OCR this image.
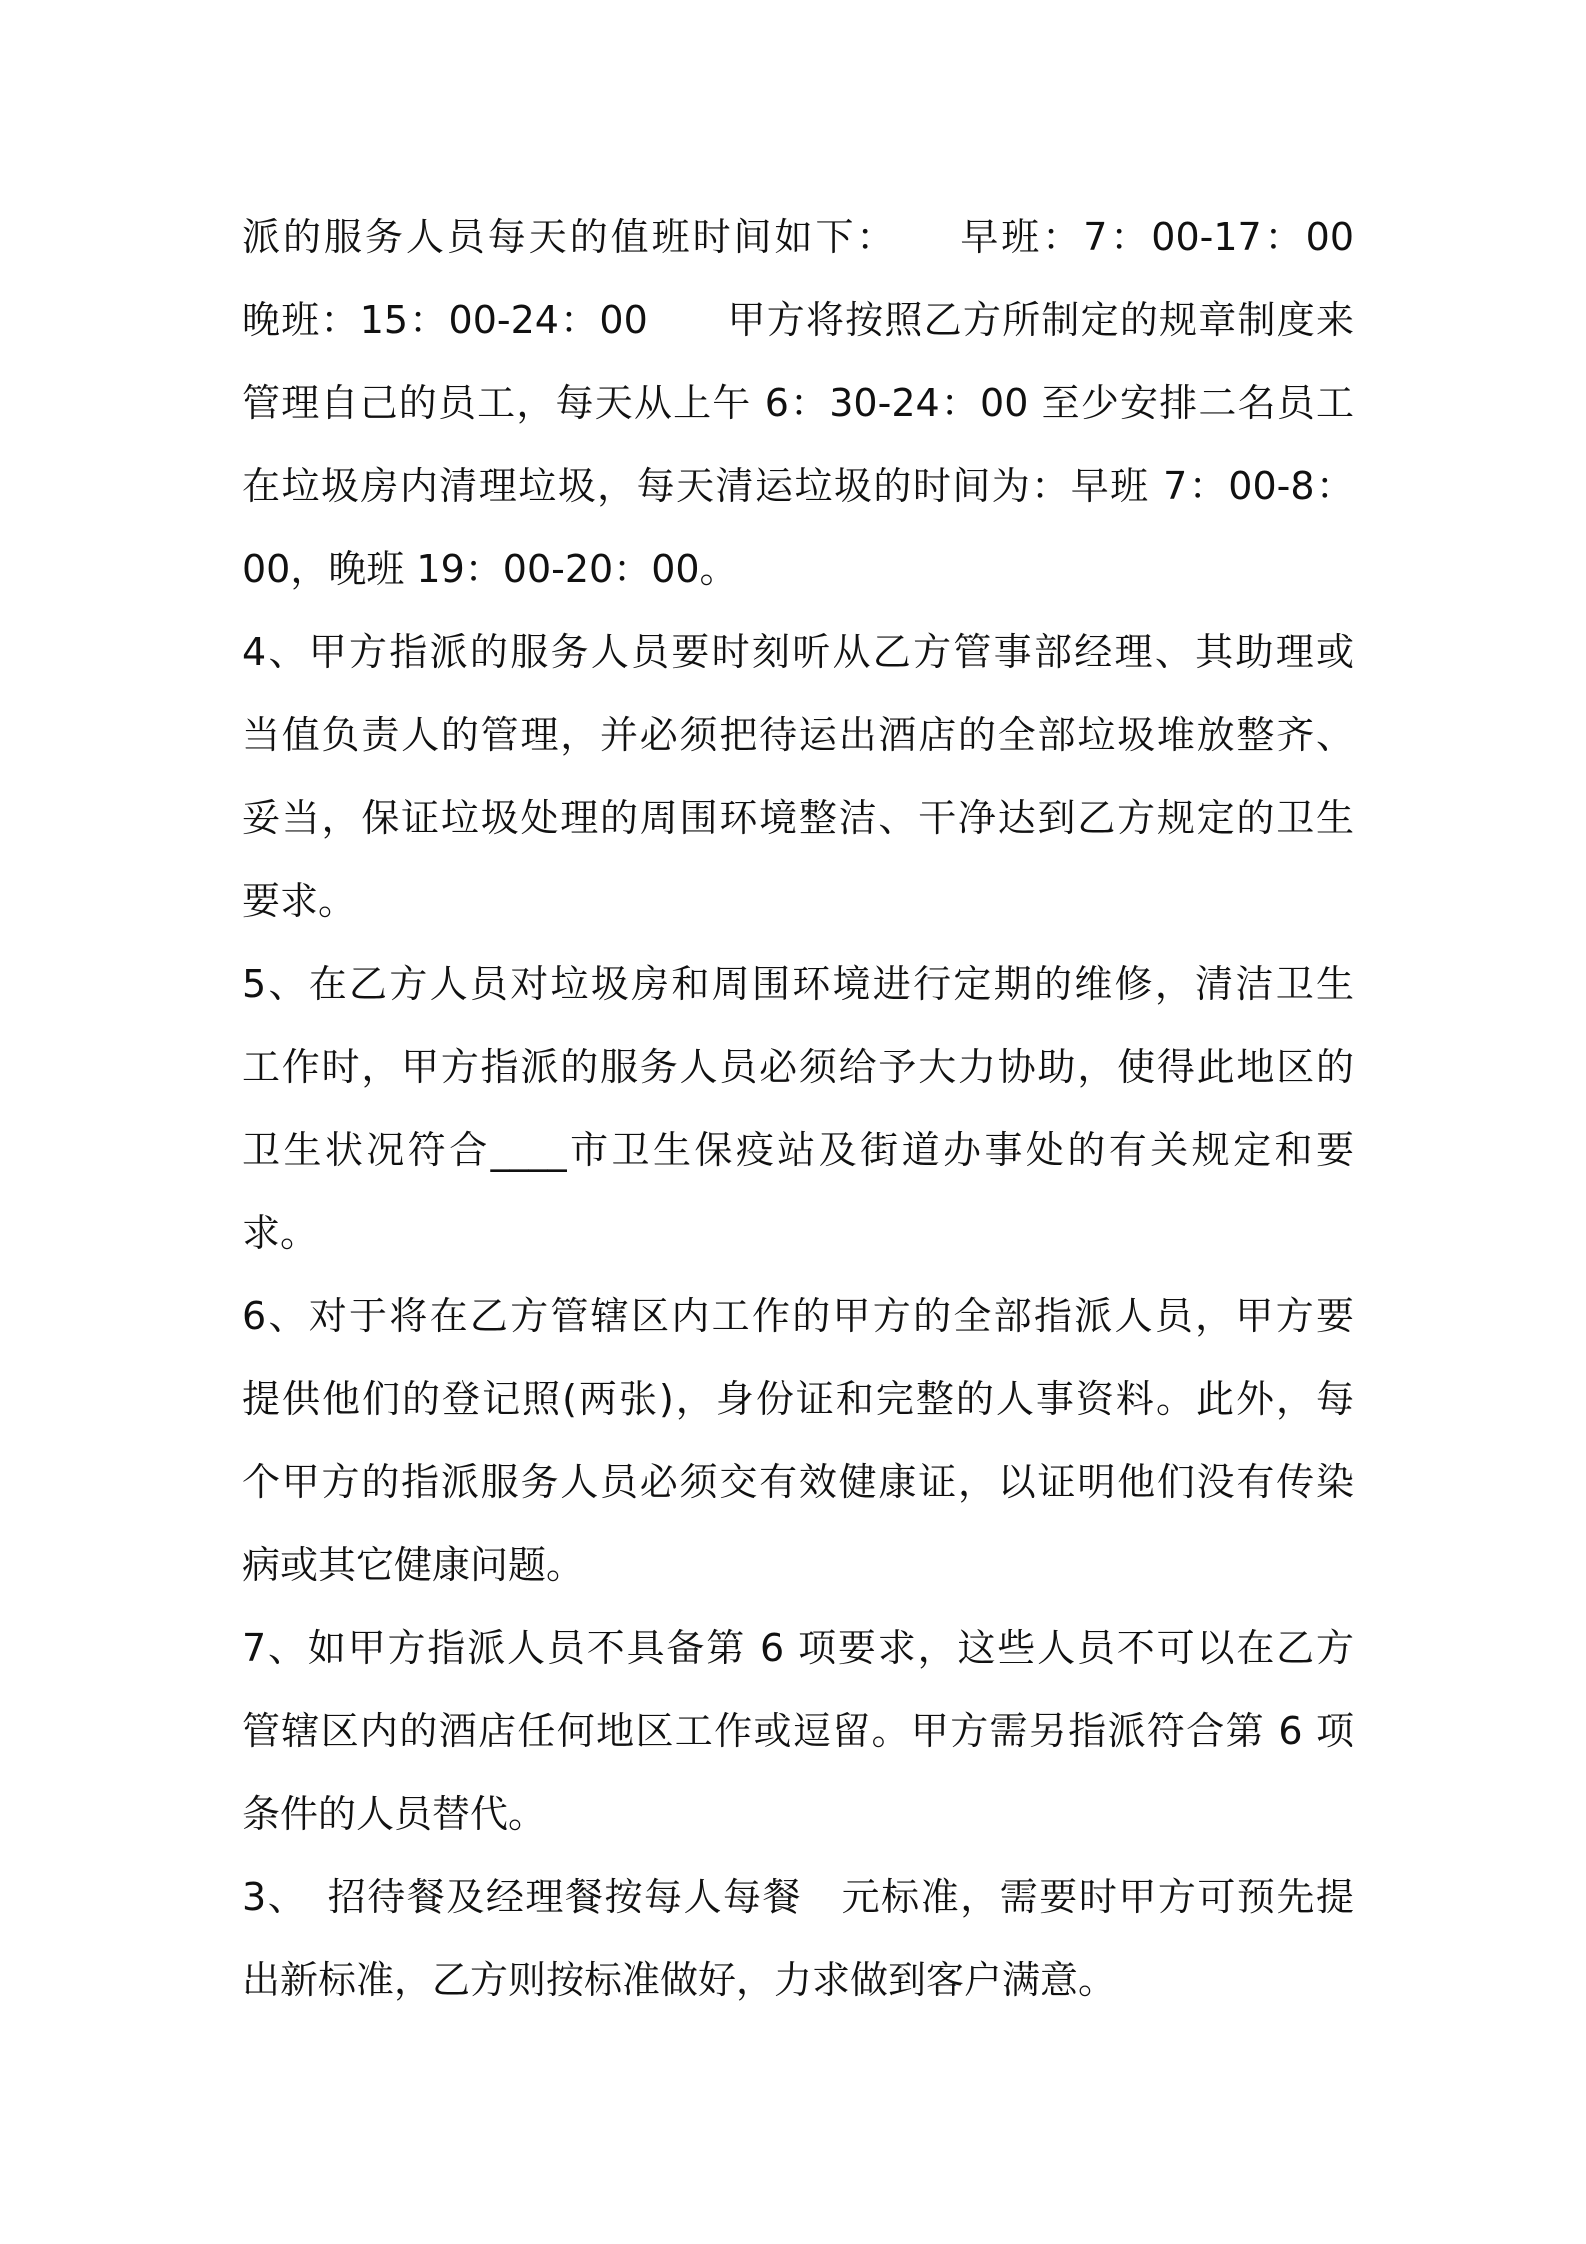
派的服务人员每天的值班时间如下：　　早班：7：00-17：00
晚班：15：00-24：00　　甲方将按照乙方所制定的规章制度来
管理自己的员工，每天从上午 6：30-24：00 至少安排二名员工
在垃圾房内清理垃圾，每天清运垃圾的时间为：早班 7：00-8：
00，晚班 19：00-20：00。
4、甲方指派的服务人员要时刻听从乙方管事部经理、其助理或
当值负责人的管理，并必须把待运出酒店的全部垃圾堆放整齐、
妥当，保证垃圾处理的周围环境整洁、干净达到乙方规定的卫生
要求。
5、在乙方人员对垃圾房和周围环境进行定期的维修，清洁卫生
工作时，甲方指派的服务人员必须给予大力协助，使得此地区的
卫生状况符合____市卫生保疫站及街道办事处的有关规定和要
求。
6、对于将在乙方管辖区内工作的甲方的全部指派人员，甲方要
提供他们的登记照(两张)，身份证和完整的人事资料。此外，每
个甲方的指派服务人员必须交有效健康证，以证明他们没有传染
病或其它健康问题。
7、如甲方指派人员不具备第 6 项要求，这些人员不可以在乙方
管辖区内的酒店任何地区工作或逗留。甲方需另指派符合第 6 项
条件的人员替代。
3、　招待餐及经理餐按每人每餐　元标准，需要时甲方可预先提
出新标准，乙方则按标准做好，力求做到客户满意。
